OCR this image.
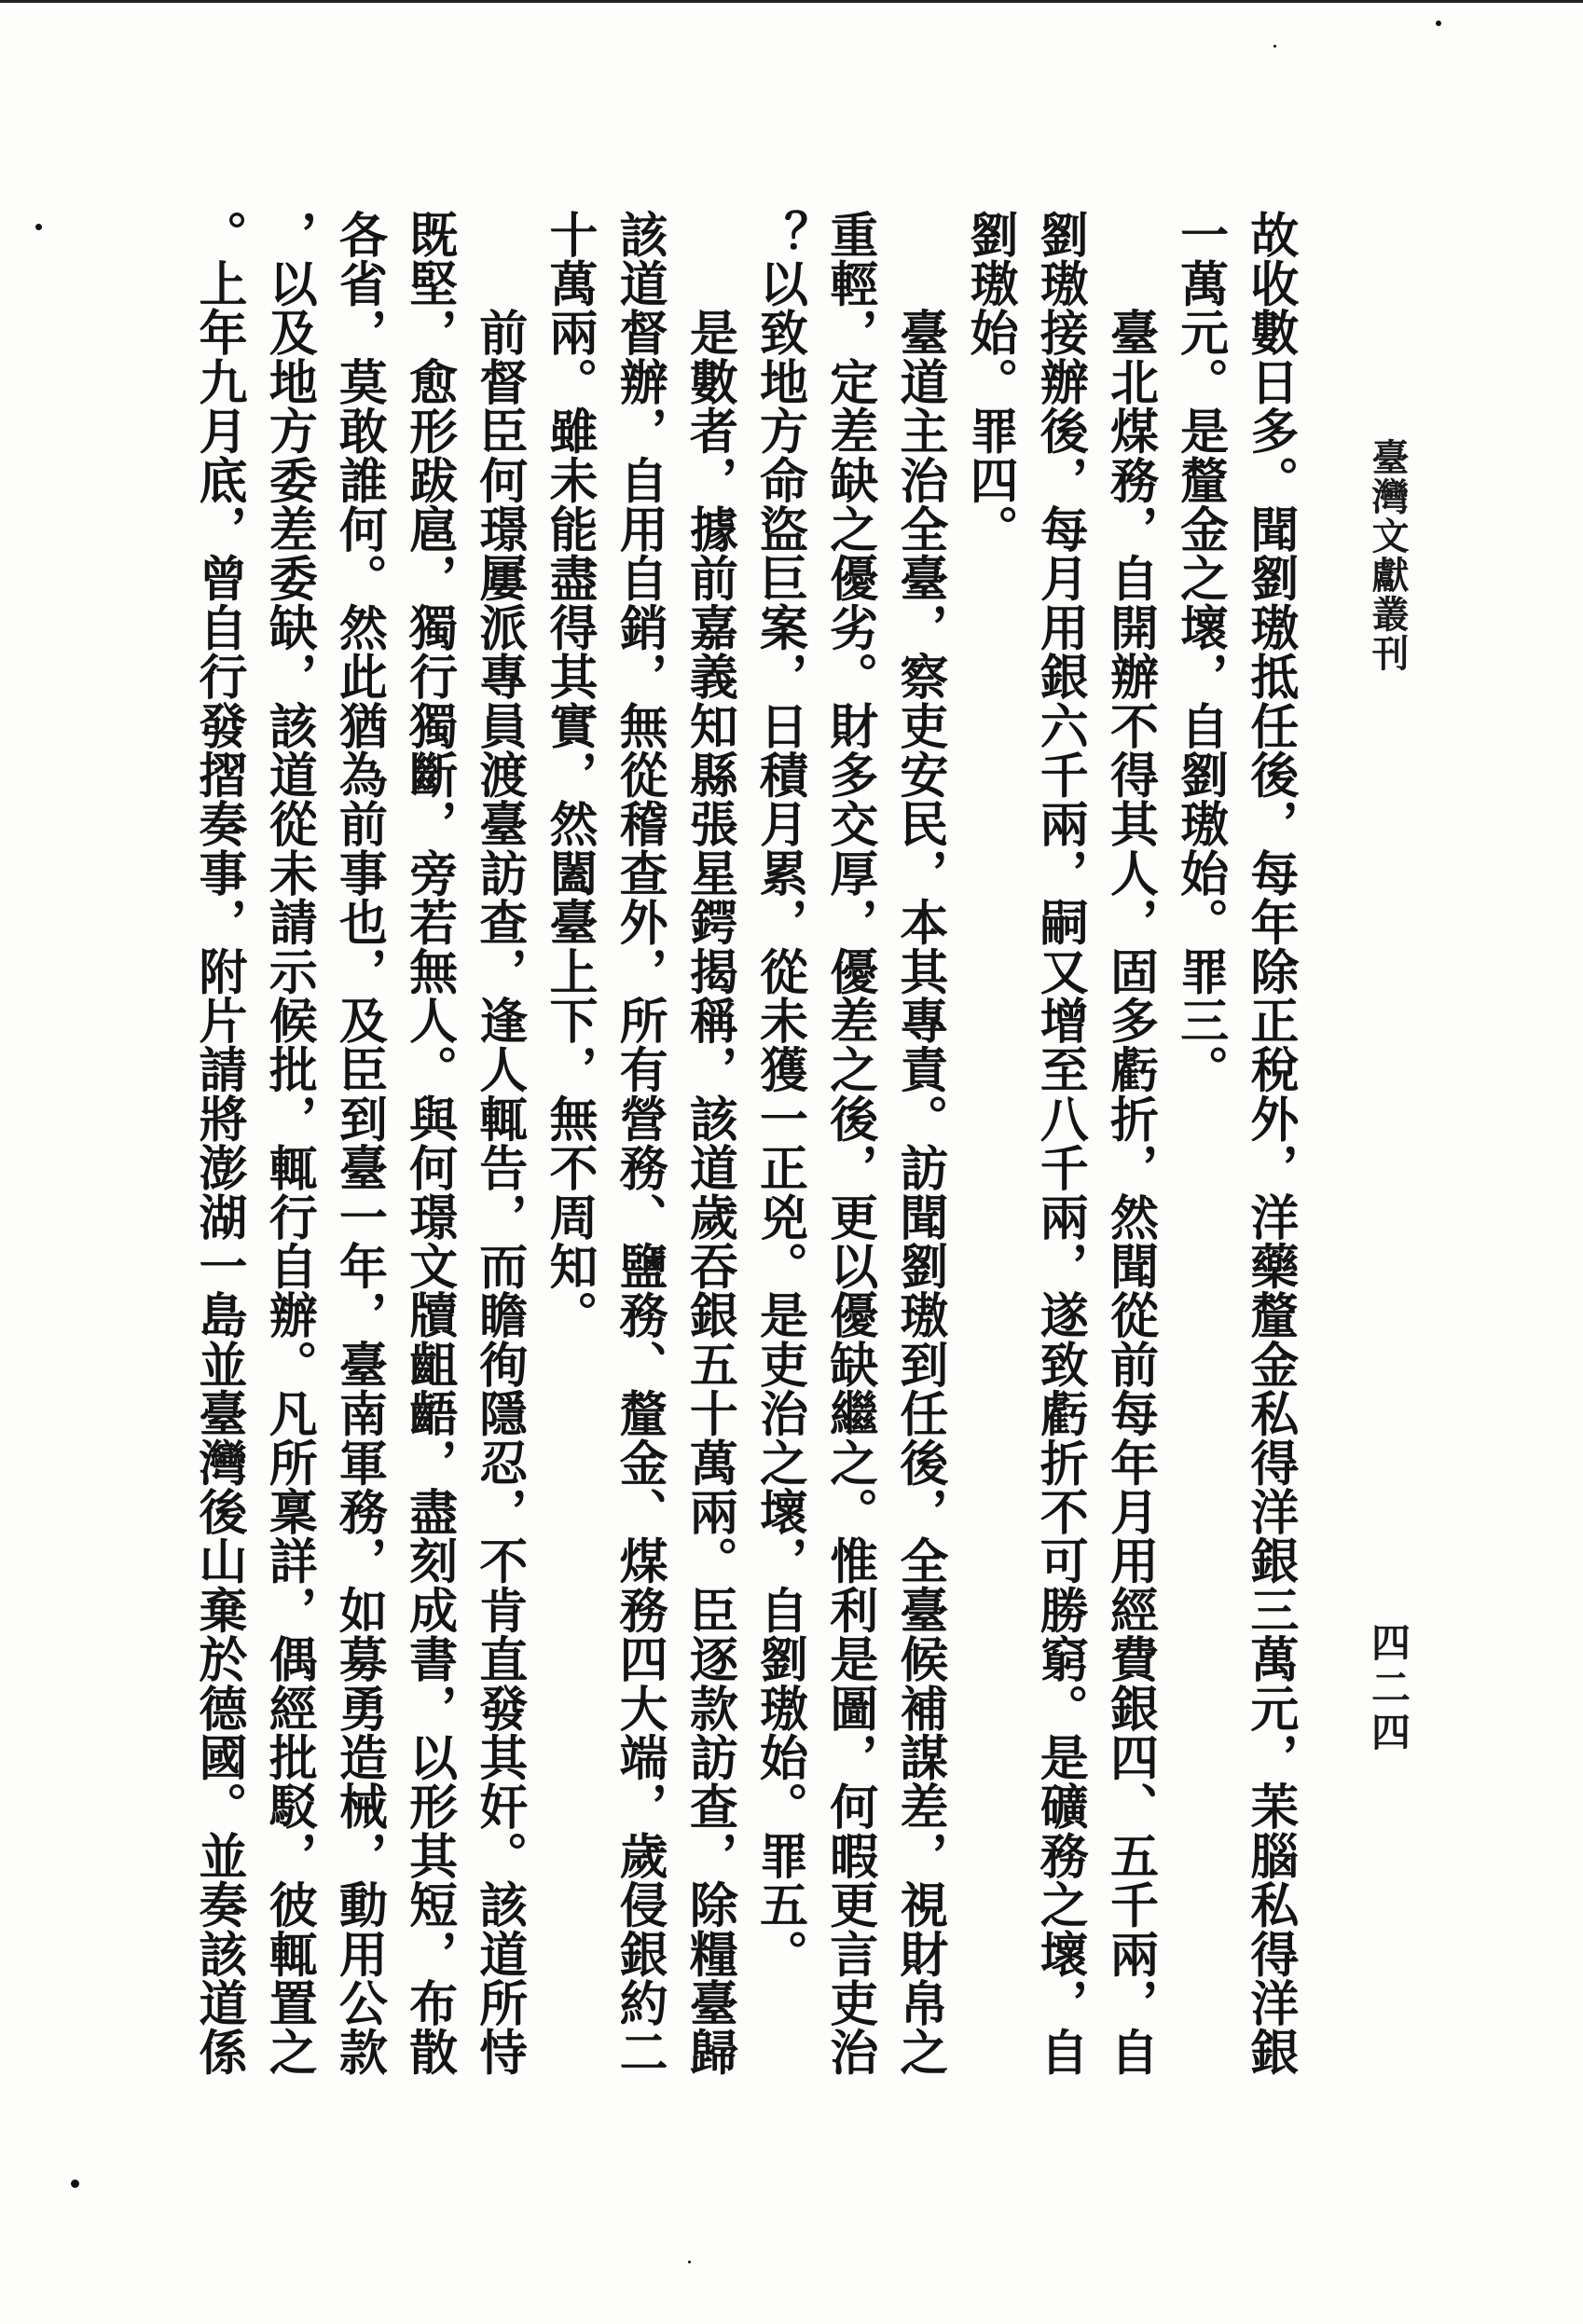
臺灣文獻叢刊
四二四
故收數日多。聞劉璈抵任後，每年除正稅外，洋藥釐金私得洋銀三萬元，苿腦私得洋銀
一萬元。是釐金之壞，自劉璈始。罪三。
　　臺北煤務，自開辦不得其人，固多虧折，然聞從前每年月用經費銀四、五千兩，自
劉璈接辦後，每月用銀六千兩，嗣又增至八千兩，遂致虧折不可勝窮。是礦務之壞，自
劉璈始。罪四。
　　臺道主治全臺，察吏安民，本其專責。訪聞劉璈到任後，全臺候補謀差，視財帛之
重輕，定差缺之優劣。財多交厚，優差之後，更以優缺繼之。惟利是圖，何暇更言吏治
？以致地方命盜巨案，日積月累，從未獲一正兇。是吏治之壞，自劉璈始。罪五。
　　是數者，據前嘉義知縣張星鍔揭稱，該道歲吞銀五十萬兩。臣逐款訪查，除糧臺歸
該道督辦，自用自銷，無從稽查外，所有營務、鹽務、釐金、煤務四大端，歲侵銀約二
十萬兩。雖未能盡得其實，然闔臺上下，無不周知。
　　前督臣何璟屢派專員渡臺訪查，逢人輒告，而瞻徇隱忍，不肯直發其奸。該道所恃
既堅，愈形跋扈，獨行獨斷，旁若無人。與何璟文牘齟齬，盡刻成書，以形其短，布散
各省，莫敢誰何。然此猶為前事也，及臣到臺一年，臺南軍務，如募勇造械，動用公款
，以及地方委差委缺，該道從未請示候批，輒行自辦。凡所稟詳，偶經批駁，彼輒置之
。上年九月底，曾自行發摺奏事，附片請將澎湖一島並臺灣後山棄於德國。並奏該道係
